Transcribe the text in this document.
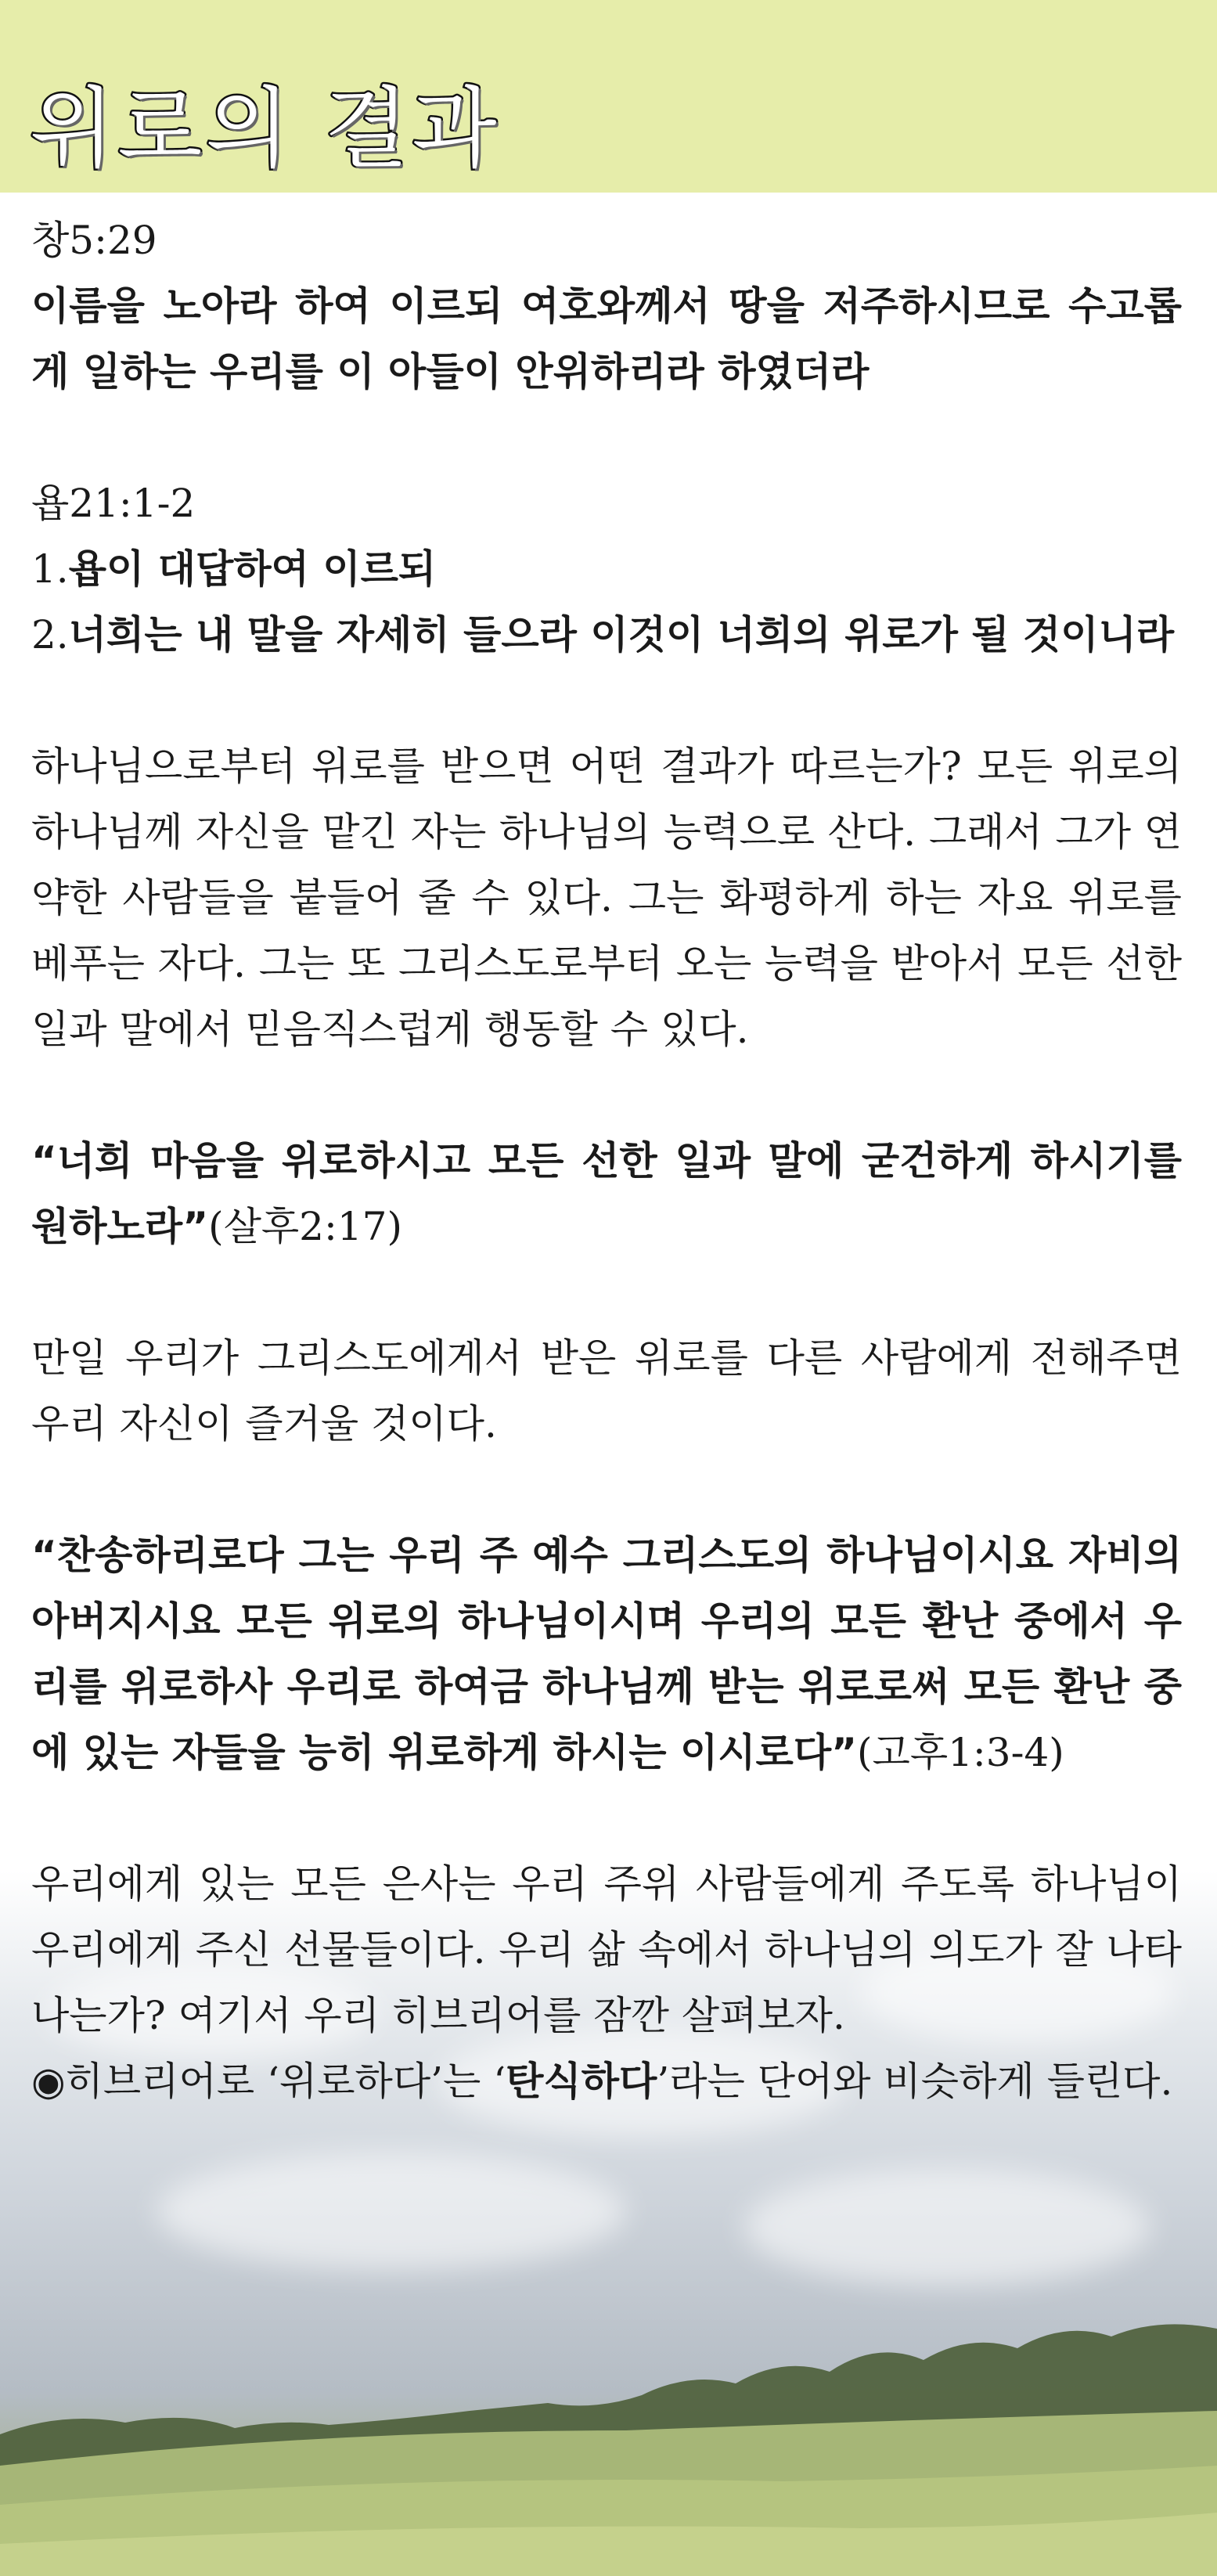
위로의 결과
창5:29
이름을 노아라 하여 이르되 여호와께서 땅을 저주하시므로 수고롭게 일하는 우리를 이 아들이 안위하리라 하였더라
욥21:1-2
1.욥이 대답하여 이르되
2.너희는 내 말을 자세히 들으라 이것이 너희의 위로가 될 것이니라

하나님으로부터 위로를 받으면 어떤 결과가 따르는가? 모든 위로의 하나님께 자신을 맡긴 자는 하나님의 능력으로 산다. 그래서 그가 연약한 사람들을 붙들어 줄 수 있다. 그는 화평하게 하는 자요 위로를 베푸는 자다. 그는 또 그리스도로부터 오는 능력을 받아서 모든 선한 일과 말에서 믿음직스럽게 행동할 수 있다.

“너희 마음을 위로하시고 모든 선한 일과 말에 굳건하게 하시기를 원하노라”(살후2:17)

만일 우리가 그리스도에게서 받은 위로를 다른 사람에게 전해주면 우리 자신이 즐거울 것이다.

“찬송하리로다 그는 우리 주 예수 그리스도의 하나님이시요 자비의 아버지시요 모든 위로의 하나님이시며 우리의 모든 환난 중에서 우리를 위로하사 우리로 하여금 하나님께 받는 위로로써 모든 환난 중에 있는 자들을 능히 위로하게 하시는 이시로다”(고후1:3-4)

우리에게 있는 모든 은사는 우리 주위 사람들에게 주도록 하나님이 우리에게 주신 선물들이다. 우리 삶 속에서 하나님의 의도가 잘 나타나는가? 여기서 우리 히브리어를 잠깐 살펴보자.

◉히브리어로 ‘위로하다’는 ‘탄식하다’라는 단어와 비슷하게 들린다.
